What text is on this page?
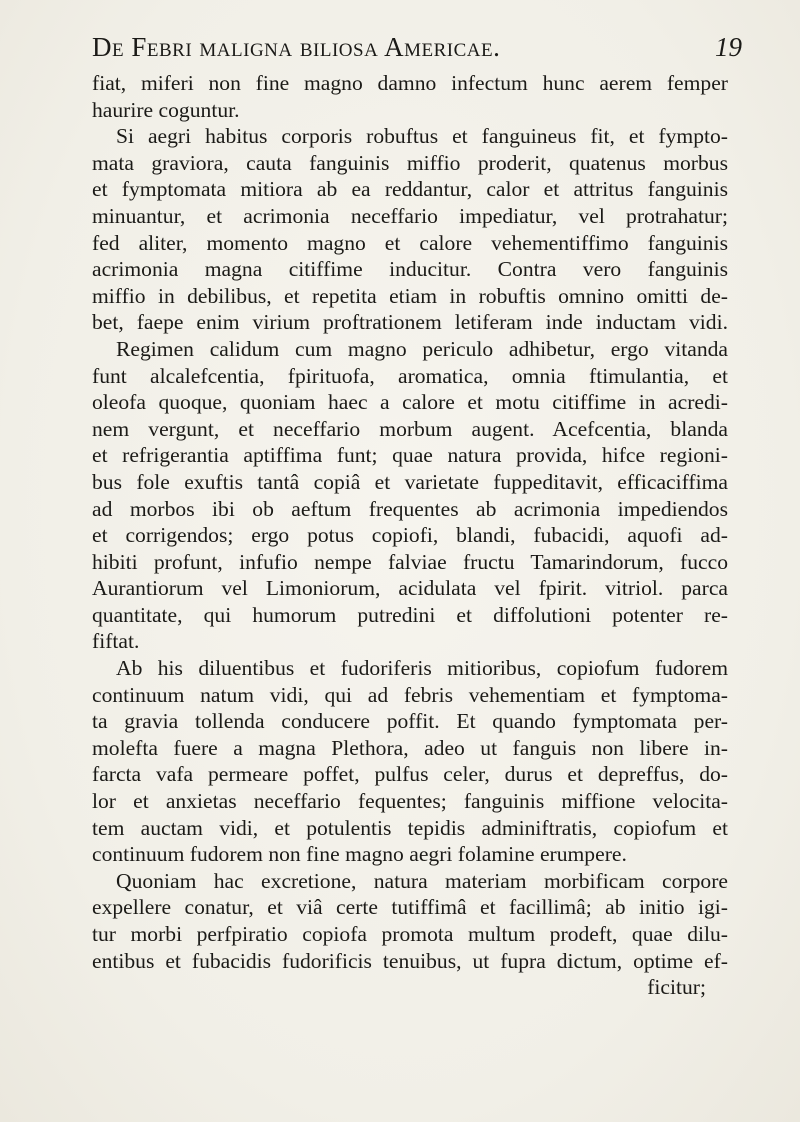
De Febri maligna biliosa Americae.	19
fiat, miferi non fine magno damno infectum hunc aerem femper
haurire coguntur.
Si aegri habitus corporis robuftus et fanguineus fit, et fympto-
mata graviora, cauta fanguinis miffio proderit, quatenus morbus
et fymptomata mitiora ab ea reddantur, calor et attritus fanguinis
minuantur, et acrimonia neceffario impediatur, vel protrahatur;
fed aliter, momento magno et calore vehementiffimo fanguinis
acrimonia magna citiffime inducitur. Contra vero fanguinis
miffio in debilibus, et repetita etiam in robuftis omnino omitti de-
bet, faepe enim virium proftrationem letiferam inde inductam vidi.
Regimen calidum cum magno periculo adhibetur, ergo vitanda
funt alcalefcentia, fpirituofa, aromatica, omnia ftimulantia, et
oleofa quoque, quoniam haec a calore et motu citiffime in acredi-
nem vergunt, et neceffario morbum augent. Acefcentia, blanda
et refrigerantia aptiffima funt; quae natura provida, hifce regioni-
bus fole exuftis tantâ copiâ et varietate fuppeditavit, efficaciffima
ad morbos ibi ob aeftum frequentes ab acrimonia impediendos
et corrigendos; ergo potus copiofi, blandi, fubacidi, aquofi ad-
hibiti profunt, infufio nempe falviae fructu Tamarindorum, fucco
Aurantiorum vel Limoniorum, acidulata vel fpirit. vitriol. parca
quantitate, qui humorum putredini et diffolutioni potenter re-
fiftat.
Ab his diluentibus et fudoriferis mitioribus, copiofum fudorem
continuum natum vidi, qui ad febris vehementiam et fymptoma-
ta gravia tollenda conducere poffit. Et quando fymptomata per-
molefta fuere a magna Plethora, adeo ut fanguis non libere in-
farcta vafa permeare poffet, pulfus celer, durus et depreffus, do-
lor et anxietas neceffario fequentes; fanguinis miffione velocita-
tem auctam vidi, et potulentis tepidis adminiftratis, copiofum et
continuum fudorem non fine magno aegri folamine erumpere.
Quoniam hac excretione, natura materiam morbificam corpore
expellere conatur, et viâ certe tutiffimâ et facillimâ; ab initio igi-
tur morbi perfpiratio copiofa promota multum prodeft, quae dilu-
entibus et fubacidis fudorificis tenuibus, ut fupra dictum, optime ef-
ficitur;
